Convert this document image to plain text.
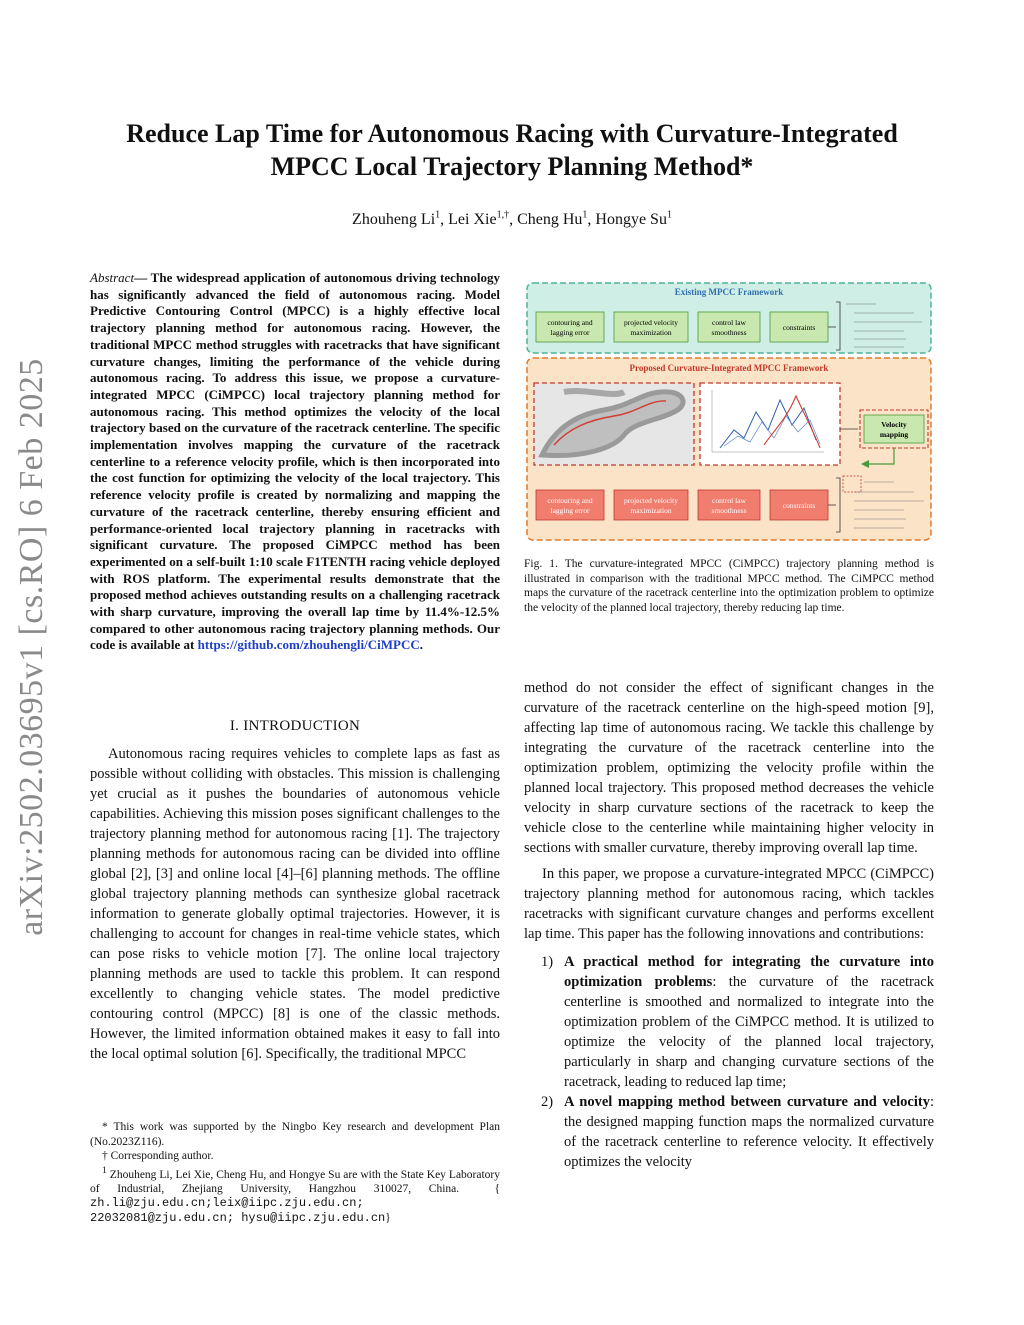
arXiv:2502.03695v1 [cs.RO] 6 Feb 2025
Reduce Lap Time for Autonomous Racing with Curvature-Integrated MPCC Local Trajectory Planning Method*
Zhouheng Li$^1$, Lei Xie$^{1,\dagger}$, Cheng Hu$^1$, Hongye Su$^1$
Abstract— The widespread application of autonomous driving technology has significantly advanced the field of autonomous racing. Model Predictive Contouring Control (MPCC) is a highly effective local trajectory planning method for autonomous racing. However, the traditional MPCC method struggles with racetracks that have significant curvature changes, limiting the performance of the vehicle during autonomous racing. To address this issue, we propose a curvature-integrated MPCC (CiMPCC) local trajectory planning method for autonomous racing. This method optimizes the velocity of the local trajectory based on the curvature of the racetrack centerline. The specific implementation involves mapping the curvature of the racetrack centerline to a reference velocity profile, which is then incorporated into the cost function for optimizing the velocity of the local trajectory. This reference velocity profile is created by normalizing and mapping the curvature of the racetrack centerline, thereby ensuring efficient and performance-oriented local trajectory planning in racetracks with significant curvature. The proposed CiMPCC method has been experimented on a self-built 1:10 scale F1TENTH racing vehicle deployed with ROS platform. The experimental results demonstrate that the proposed method achieves outstanding results on a challenging racetrack with sharp curvature, improving the overall lap time by 11.4%-12.5% compared to other autonomous racing trajectory planning methods. Our code is available at https://github.com/zhouhengli/CiMPCC.
I. INTRODUCTION

Autonomous racing requires vehicles to complete laps as fast as possible without colliding with obstacles. This mission is challenging yet crucial as it pushes the boundaries of autonomous vehicle capabilities. Achieving this mission poses significant challenges to the trajectory planning method for autonomous racing [1]. The trajectory planning methods for autonomous racing can be divided into offline global [2], [3] and online local [4]–[6] planning methods. The offline global trajectory planning methods can synthesize global racetrack information to generate globally optimal trajectories. However, it is challenging to account for changes in real-time vehicle states, which can pose risks to vehicle motion [7]. The online local trajectory planning methods are used to tackle this problem. It can respond excellently to changing vehicle states. The model predictive contouring control (MPCC) [8] is one of the classic methods. However, the limited information obtained makes it easy to fall into the local optimal solution [6]. Specifically, the traditional MPCC

* This work was supported by the Ningbo Key research and development Plan (No.2023Z116).

† Corresponding author.

$^1$ Zhouheng Li, Lei Xie, Cheng Hu, and Hongye Su are with the State Key Laboratory of Industrial, Zhejiang University, Hangzhou 310027, China.  { zh.li@zju.edu.cn;leix@iipc.zju.edu.cn;
22032081@zju.edu.cn; hysu@iipc.zju.edu.cn}

Existing MPCC Framework
contouring and
lagging error
projected velocity
maximization
control law
smoothness
constraints
Proposed Curvature-Integrated MPCC Framework
Velocity
mapping
contouring and
lagging error
projected velocity
maximization
control law
smoothness
constraints
Fig. 1. The curvature-integrated MPCC (CiMPCC) trajectory planning method is illustrated in comparison with the traditional MPCC method. The CiMPCC method maps the curvature of the racetrack centerline into the optimization problem to optimize the velocity of the planned local trajectory, thereby reducing lap time.

method do not consider the effect of significant changes in the curvature of the racetrack centerline on the high-speed motion [9], affecting lap time of autonomous racing. We tackle this challenge by integrating the curvature of the racetrack centerline into the optimization problem, optimizing the velocity profile within the planned local trajectory. This proposed method decreases the vehicle velocity in sharp curvature sections of the racetrack to keep the vehicle close to the centerline while maintaining higher velocity in sections with smaller curvature, thereby improving overall lap time.

In this paper, we propose a curvature-integrated MPCC (CiMPCC) trajectory planning method for autonomous racing, which tackles racetracks with significant curvature changes and performs excellent lap time. This paper has the following innovations and contributions:

1) A practical method for integrating the curvature into optimization problems: the curvature of the racetrack centerline is smoothed and normalized to integrate into the optimization problem of the CiMPCC method. It is utilized to optimize the velocity of the planned local trajectory, particularly in sharp and changing curvature sections of the racetrack, leading to reduced lap time;
2) A novel mapping method between curvature and velocity: the designed mapping function maps the normalized curvature of the racetrack centerline to reference velocity. It effectively optimizes the velocity
